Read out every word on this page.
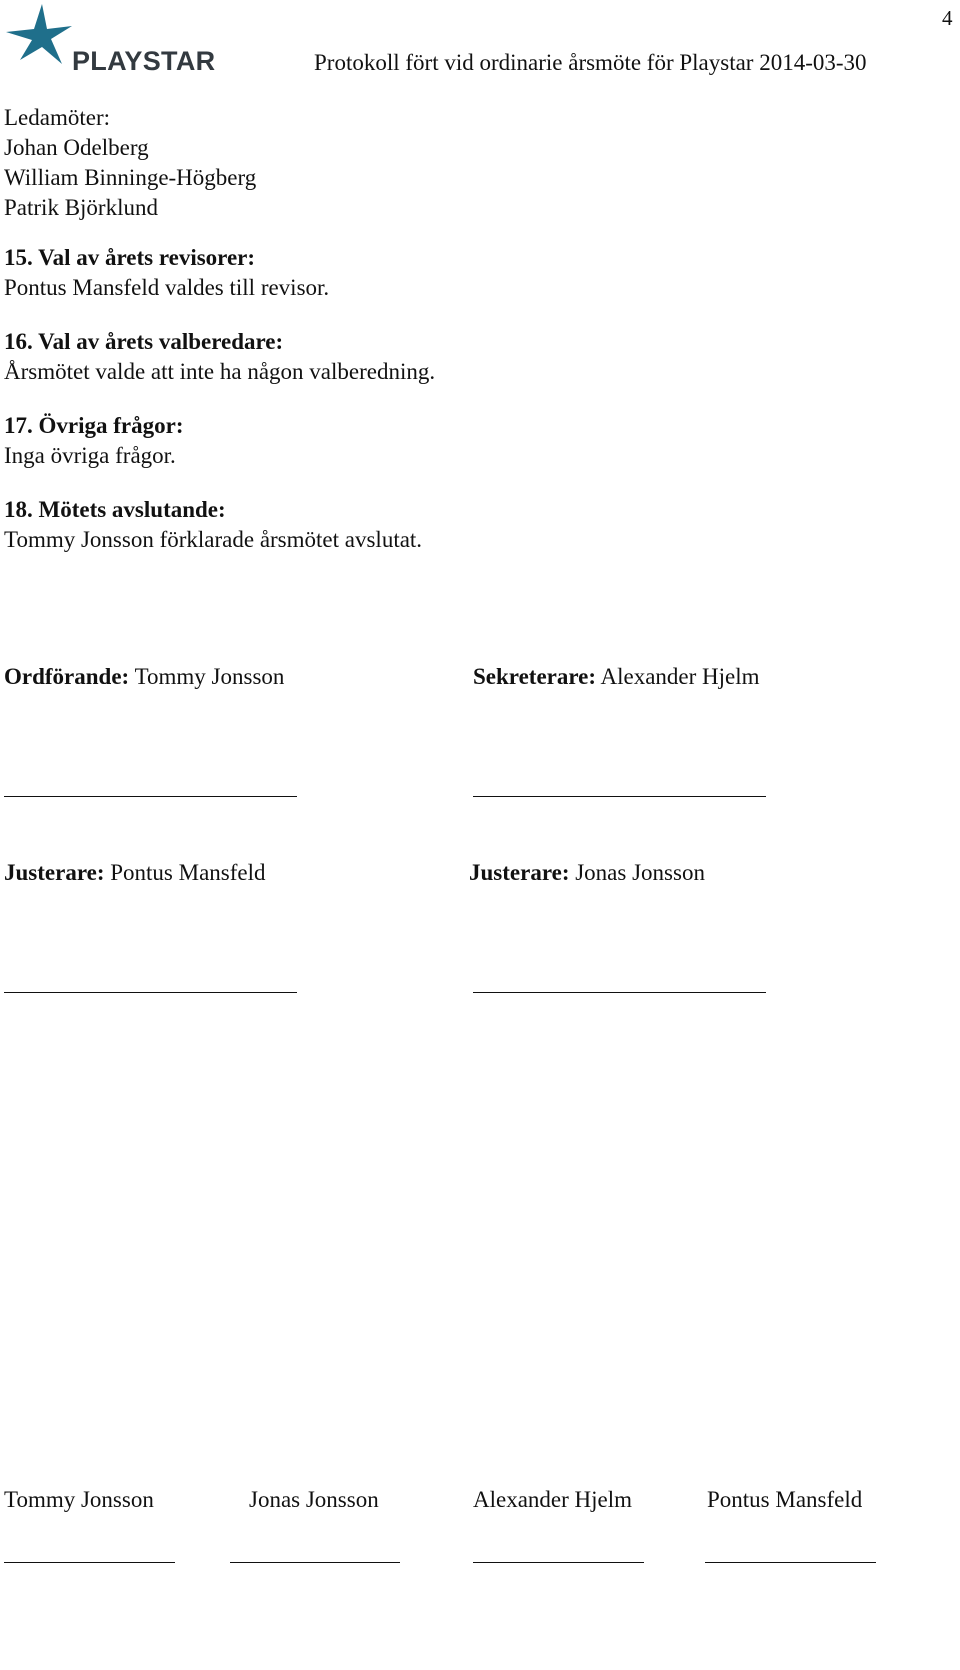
4
PLAYSTAR	Protokoll fört vid ordinarie årsmöte för Playstar 2014-03-30
Ledamöter:
Johan Odelberg
William Binninge-Högberg
Patrik Björklund
15. Val av årets revisorer:
Pontus Mansfeld valdes till revisor.
16. Val av årets valberedare:
Årsmötet valde att inte ha någon valberedning.
17. Övriga frågor:
Inga övriga frågor.
18. Mötets avslutande:
Tommy Jonsson förklarade årsmötet avslutat.
Ordförande: Tommy Jonsson	Sekreterare: Alexander Hjelm
Justerare: Pontus Mansfeld	Justerare: Jonas Jonsson
Tommy Jonsson	Jonas Jonsson	Alexander Hjelm	Pontus Mansfeld
